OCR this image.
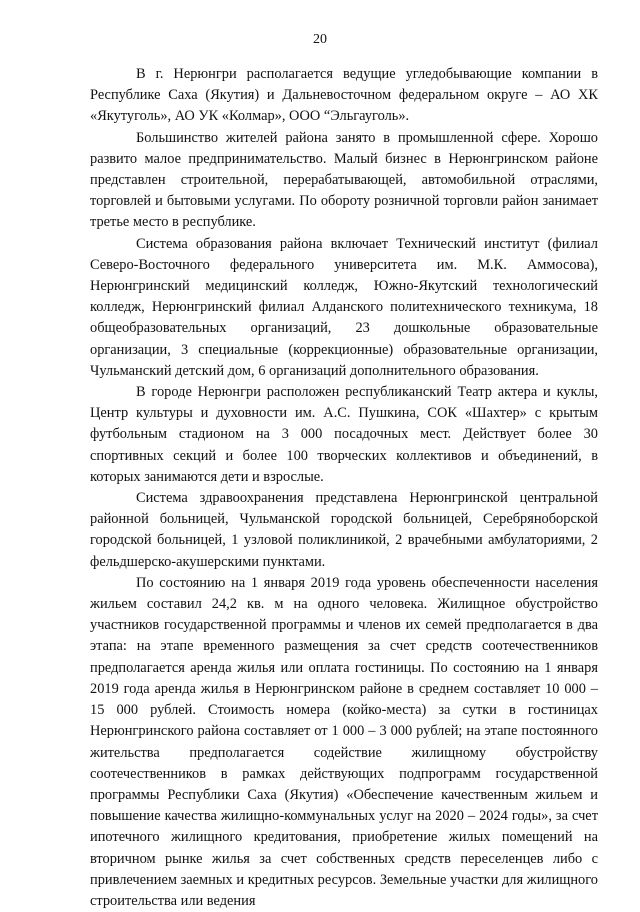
20

В г. Нерюнгри располагается ведущие угледобывающие компании в Республике Саха (Якутия) и Дальневосточном федеральном округе – АО ХК «Якутуголь», АО УК «Колмар», ООО “Эльгауголь».

Большинство жителей района занято в промышленной сфере. Хорошо развито малое предпринимательство. Малый бизнес в Нерюнгринском районе представлен строительной, перерабатывающей, автомобильной отраслями, торговлей и бытовыми услугами. По обороту розничной торговли район занимает третье место в республике.

Система образования района включает Технический институт (филиал Северо-Восточного федерального университета им. М.К. Аммосова), Нерюнгринский медицинский колледж, Южно-Якутский технологический колледж, Нерюнгринский филиал Алданского политехнического техникума, 18 общеобразовательных организаций, 23 дошкольные образовательные организации, 3 специальные (коррекционные) образовательные организации, Чульманский детский дом, 6 организаций дополнительного образования.

В городе Нерюнгри расположен республиканский Театр актера и куклы, Центр культуры и духовности им. А.С. Пушкина, СОК «Шахтер» с крытым футбольным стадионом на 3 000 посадочных мест. Действует более 30 спортивных секций и более 100 творческих коллективов и объединений, в которых занимаются дети и взрослые.

Система здравоохранения представлена Нерюнгринской центральной районной больницей, Чульманской городской больницей, Серебряноборской городской больницей, 1 узловой поликлиникой, 2 врачебными амбулаториями, 2 фельдшерско-акушерскими пунктами.

По состоянию на 1 января 2019 года уровень обеспеченности населения жильем составил 24,2 кв. м на одного человека. Жилищное обустройство участников государственной программы и членов их семей предполагается в два этапа: на этапе временного размещения за счет средств соотечественников предполагается аренда жилья или оплата гостиницы. По состоянию на 1 января 2019 года аренда жилья в Нерюнгринском районе в среднем составляет 10 000 – 15 000 рублей. Стоимость номера (койко-места) за сутки в гостиницах Нерюнгринского района составляет от 1 000 – 3 000 рублей; на этапе постоянного жительства предполагается содействие жилищному обустройству соотечественников в рамках действующих подпрограмм государственной программы Республики Саха (Якутия) «Обеспечение качественным жильем и повышение качества жилищно-коммунальных услуг на 2020 – 2024 годы», за счет ипотечного жилищного кредитования, приобретение жилых помещений на вторичном рынке жилья за счет собственных средств переселенцев либо с привлечением заемных и кредитных ресурсов. Земельные участки для жилищного строительства или ведения
